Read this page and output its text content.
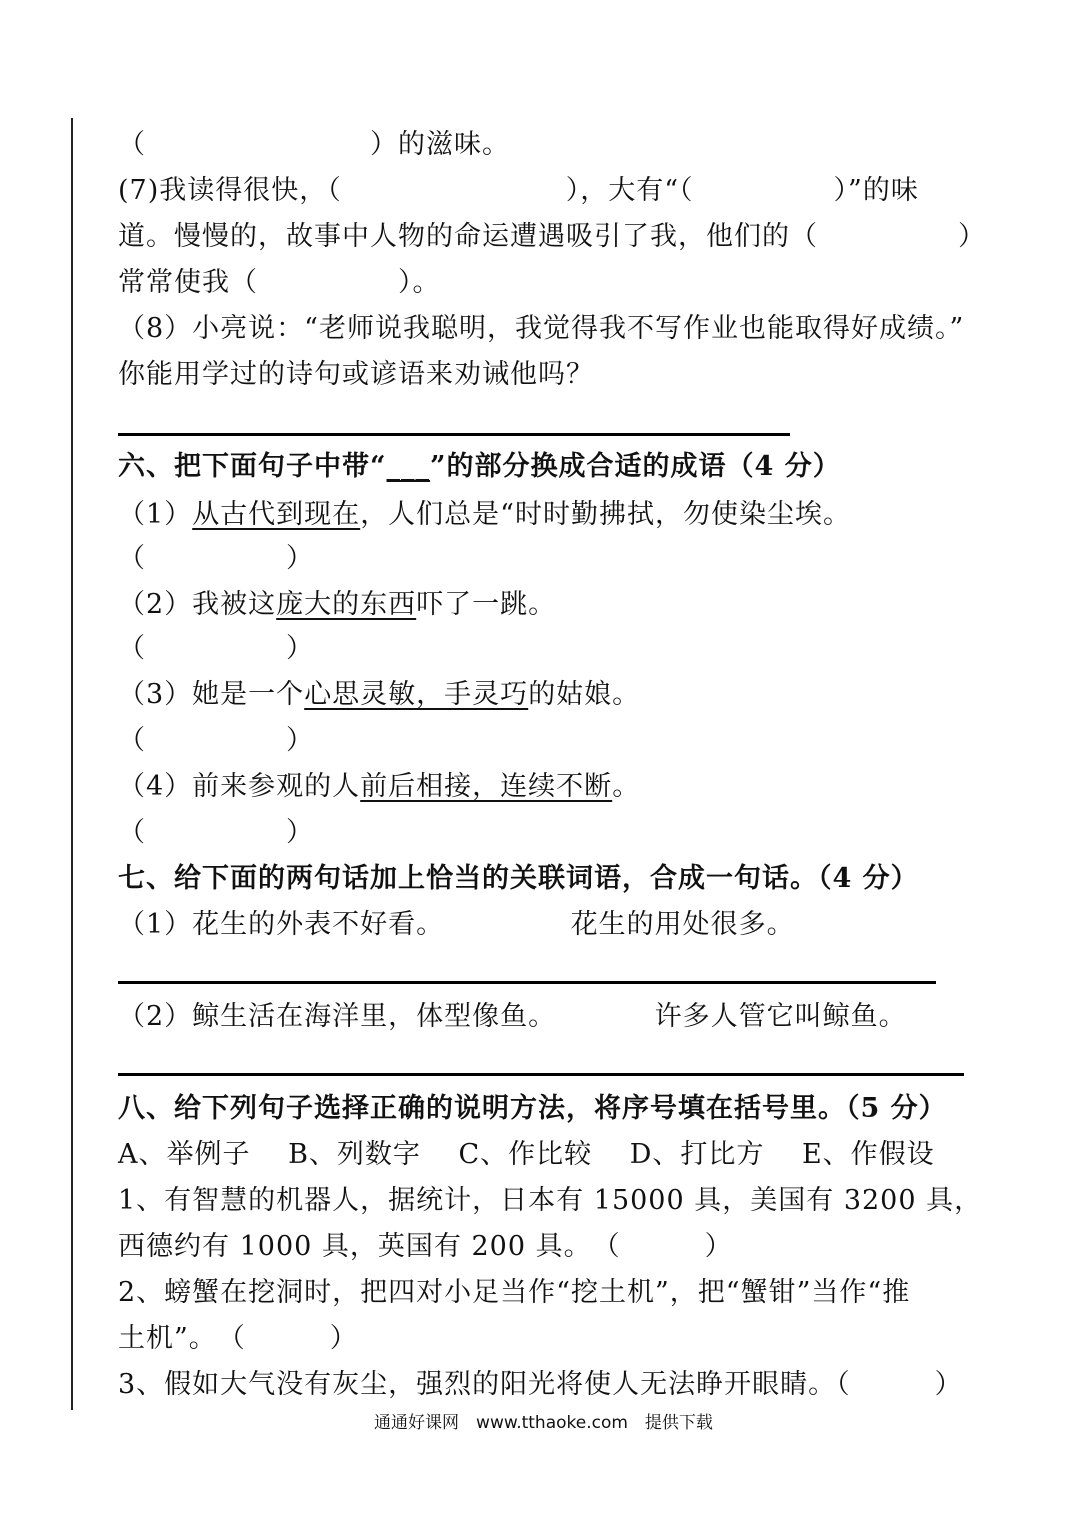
（　　　　　　　　）的滋味。
(7)我读得很快，（　　　　　　　　），大有“（　　　　　）”的味
道。慢慢的，故事中人物的命运遭遇吸引了我，他们的（　　　　　）
常常使我（　　　　　）。
（8）小亮说：“老师说我聪明，我觉得我不写作业也能取得好成绩。”
你能用学过的诗句或谚语来劝诫他吗？
六、把下面句子中带“___”的部分换成合适的成语（4 分）
（1）从古代到现在，人们总是“时时勤拂拭，勿使染尘埃。
（　　　　　）
（2）我被这庞大的东西吓了一跳。
（　　　　　）
（3）她是一个心思灵敏，手灵巧的姑娘。
（　　　　　）
（4）前来参观的人前后相接，连续不断。
（　　　　　）
七、给下面的两句话加上恰当的关联词语，合成一句话。（4 分）
（1）花生的外表不好看。　　　　　花生的用处很多。
（2）鲸生活在海洋里，体型像鱼。　　　　许多人管它叫鲸鱼。
八、给下列句子选择正确的说明方法，将序号填在括号里。（5 分）
A、举例子　 B、列数字　 C、作比较　 D、打比方　 E、作假设
1、有智慧的机器人，据统计，日本有 15000 具，美国有 3200 具，
西德约有 1000 具，英国有 200 具。　（　　　）
2、螃蟹在挖洞时，把四对小足当作“挖土机”，把“蟹钳”当作“推
土机”。　（　　　）
3、假如大气没有灰尘，强烈的阳光将使人无法睁开眼睛。（　　　）
通通好课网　www.tthaoke.com　提供下载
